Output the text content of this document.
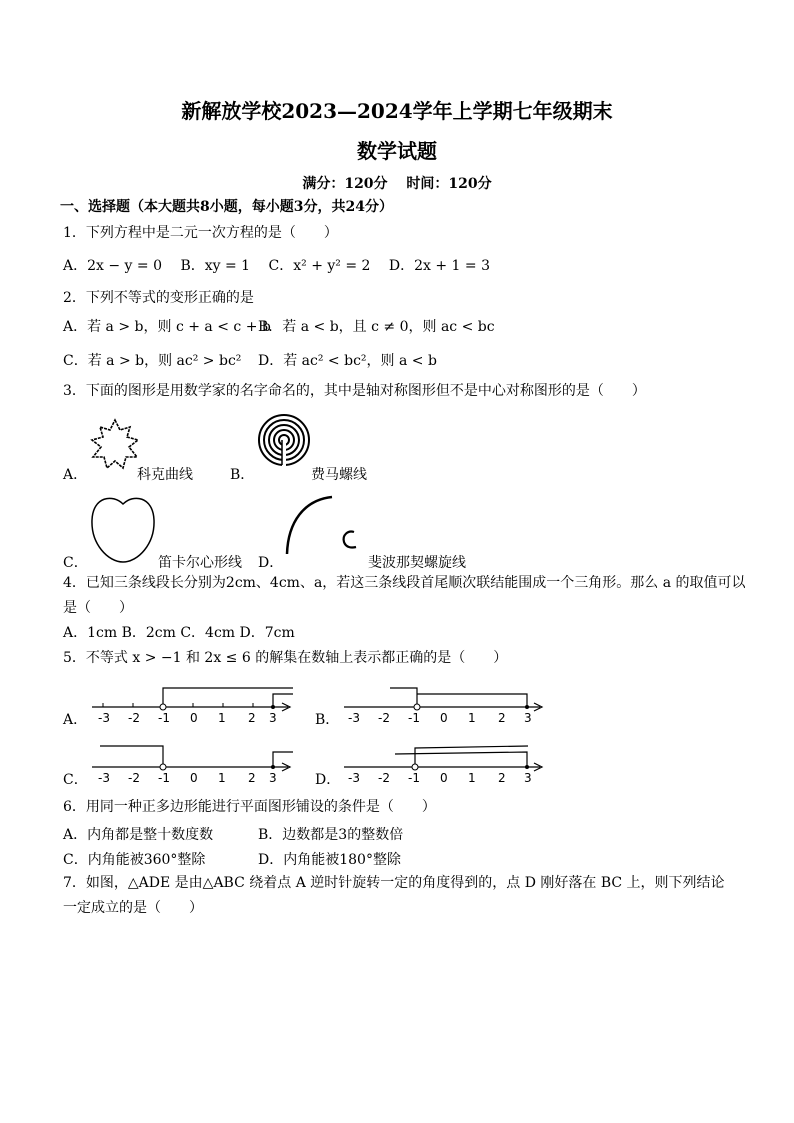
新解放学校2023—2024学年上学期七年级期末
数学试题
满分：120分　 时间：120分
一、选择题（本大题共8小题，每小题3分，共24分）
1．下列方程中是二元一次方程的是（　　）
A．2x − y = 0　 B．xy = 1　 C．x² + y² = 2　 D．2x + 1 = 3
2．下列不等式的变形正确的是
A．若 a > b，则 c + a < c + b
B．若 a < b，且 c ≠ 0，则 ac < bc
C．若 a > b，则 ac² > bc² D．若 ac² < bc²，则 a < b
3．下面的图形是用数学家的名字命名的，其中是轴对称图形但不是中心对称图形的是（　　）
A．	科克曲线	B．	费马螺线
C．	笛卡尔心形线 D．	斐波那契螺旋线
4．已知三条线段长分别为2cm、4cm、a，若这三条线段首尾顺次联结能围成一个三角形。那么 a 的取值可以
是（　　）
A．1cm B．2cm C．4cm D．7cm
5．不等式 x > −1 和 2x ≤ 6 的解集在数轴上表示都正确的是（　　）
A． -3 -2 -1 0 1 2 3	B． -3 -2 -1 0 1 2 3
C． -3 -2 -1 0 1 2 3	D． -3 -2 -1 0 1 2 3
6．用同一种正多边形能进行平面图形铺设的条件是（　　）
A．内角都是整十数度数	B．边数都是3的整数倍
C．内角能被360°整除	D．内角能被180°整除
7．如图，△ADE 是由△ABC 绕着点 A 逆时针旋转一定的角度得到的，点 D 刚好落在 BC 上，则下列结论
一定成立的是（　　）
